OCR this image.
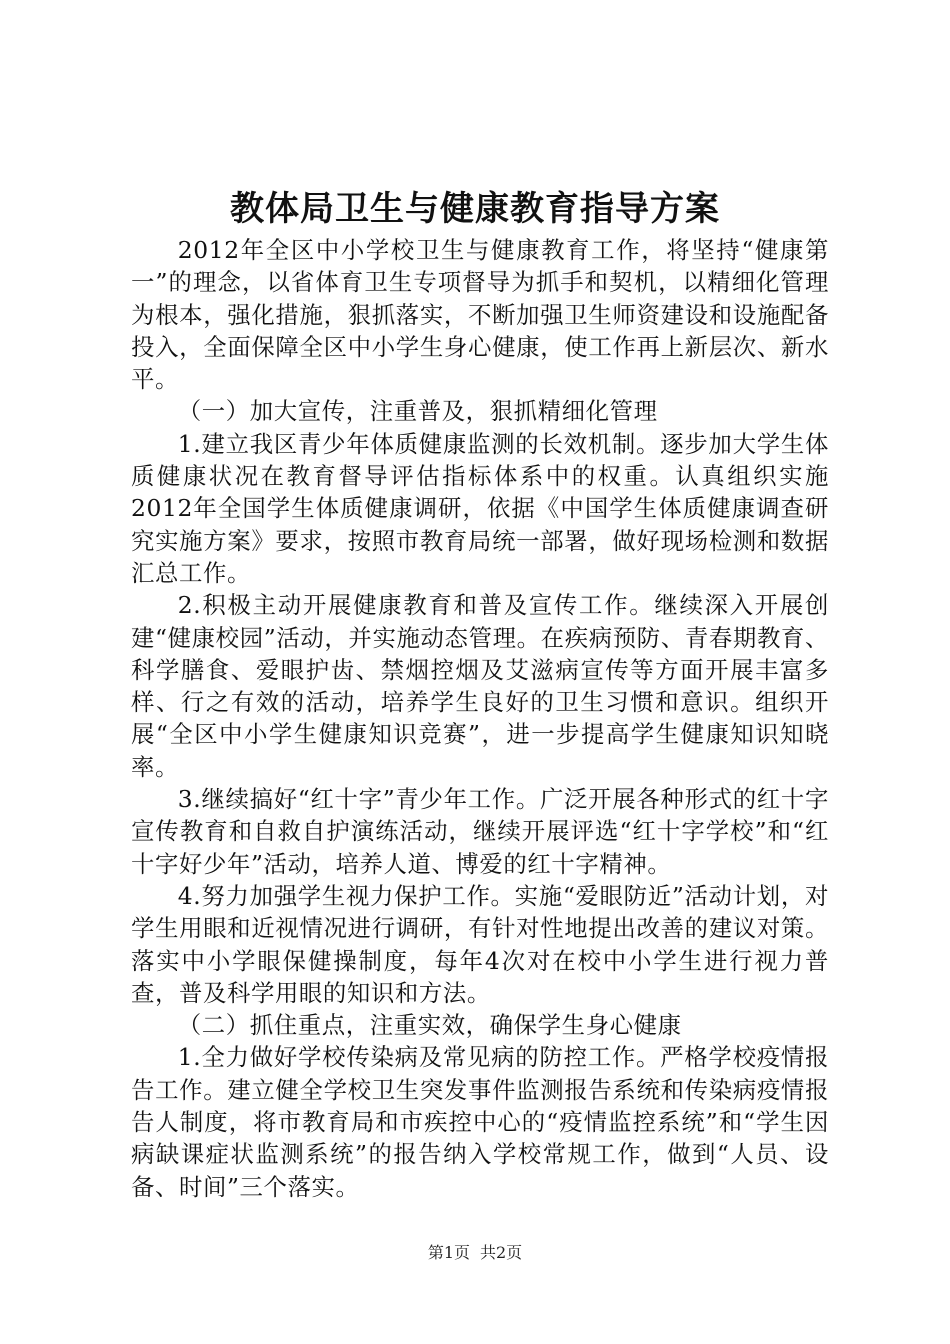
教体局卫生与健康教育指导方案

2012年全区中小学校卫生与健康教育工作，将坚持“健康第一”的理念，以省体育卫生专项督导为抓手和契机，以精细化管理为根本，强化措施，狠抓落实，不断加强卫生师资建设和设施配备投入，全面保障全区中小学生身心健康，使工作再上新层次、新水平。

（一）加大宣传，注重普及，狠抓精细化管理

1.建立我区青少年体质健康监测的长效机制。逐步加大学生体质健康状况在教育督导评估指标体系中的权重。认真组织实施2012年全国学生体质健康调研，依据《中国学生体质健康调查研究实施方案》要求，按照市教育局统一部署，做好现场检测和数据汇总工作。

2.积极主动开展健康教育和普及宣传工作。继续深入开展创建“健康校园”活动，并实施动态管理。在疾病预防、青春期教育、科学膳食、爱眼护齿、禁烟控烟及艾滋病宣传等方面开展丰富多样、行之有效的活动，培养学生良好的卫生习惯和意识。组织开展“全区中小学生健康知识竞赛”，进一步提高学生健康知识知晓率。

3.继续搞好“红十字”青少年工作。广泛开展各种形式的红十字宣传教育和自救自护演练活动，继续开展评选“红十字学校”和“红十字好少年”活动，培养人道、博爱的红十字精神。

4.努力加强学生视力保护工作。实施“爱眼防近”活动计划，对学生用眼和近视情况进行调研，有针对性地提出改善的建议对策。落实中小学眼保健操制度，每年4次对在校中小学生进行视力普查，普及科学用眼的知识和方法。

（二）抓住重点，注重实效，确保学生身心健康

1.全力做好学校传染病及常见病的防控工作。严格学校疫情报告工作。建立健全学校卫生突发事件监测报告系统和传染病疫情报告人制度，将市教育局和市疾控中心的“疫情监控系统”和“学生因病缺课症状监测系统”的报告纳入学校常规工作，做到“人员、设备、时间”三个落实。

第1页 共2页
